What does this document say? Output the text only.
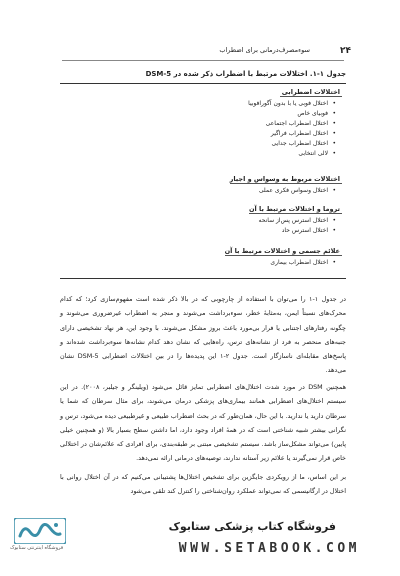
۲۴
سوءمصرف‌درمانی برای اضطراب
جدول ۱-۱. اختلالات مرتبط با اضطراب ذکر شده در DSM-5
اختلالات اضطرابی
•اختلال فوبی یا با بدون آگورافوبیا
•فوبیای خاص
•اختلال اضطراب اجتماعی
•اختلال اضطراب فراگیر
•اختلال اضطراب جدایی
•لالی انتخابی
اختلالات مربوط به وسواس و اجبار
•اختلال وسواس فکری عملی
تروما و اختلالات مرتبط با آن
•اختلال استرس پس‌از سانحه
•اختلال استرس حاد
علائم جسمی و اختلالات مرتبط با آن
•اختلال اضطراب بیماری
در جدول ۱-۱ را می‌توان با استفاده از چارچوبی که در بالا ذکر شده است مفهوم‌سازی کرد؛ که کدام محرک‌های نسبتاً ایمن، به‌مثابهٔ خطر، سوءبرداشت می‌شوند و منجر به اضطراب غیرضروری می‌شوند و چگونه رفتارهای اجتنابی یا فرار بی‌مورد باعث بروز مشکل می‌شوند. با وجود این، هر نهاد تشخیصی دارای جنبه‌های منحصر به فرد از نشانه‌های ترس، راه‌هایی که نشان دهد کدام نشانه‌ها سوءبرداشت شده‌اند و پاسخ‌های مقابله‌ای ناسازگار است. جدول ۲-۱ این پدیده‌ها را در بین اختلالات اضطرابی DSM-5 نشان می‌دهد.
همچنین DSM در مورد شدت اختلال‌های اضطرابی تمایز قائل می‌شود (ویلینگر و جیلبر، ۲۰۰۸). در این سیستم اختلال‌های اضطرابی همانند بیماری‌های پزشکی درمان می‌شوند، برای مثال سرطان که شما یا سرطان دارید یا ندارید. با این حال، همان‌طور که در بحث اضطراب طبیعی و غیرطبیعی دیده می‌شود، ترس و نگرانی بیشتر شبیه شناختی است که در همهٔ افراد وجود دارد، اما داشتن سطح بسیار بالا (و همچنین خیلی پایین) می‌تواند مشکل‌ساز باشد. سیستم تشخیصی مبتنی بر طبقه‌بندی، برای افرادی که علائم‌شان در اختلالی خاص قرار نمی‌گیرند یا علائم زیر آستانه ندارند، توصیه‌های درمانی ارائه نمی‌دهد.
بر این اساس، ما از رویکردی جایگزین برای تشخیص اختلال‌ها پشتیبانی می‌کنیم که در آن اختلال روانی با اختلال در ارگانیسمی که نمی‌تواند عملکرد روان‌شناختی را کنترل کند تلقی می‌شود
فروشگاه اینترنتی ستابوک
فروشگاه کتاب پزشکی ستابوک
WWW.SETABOOK.COM
